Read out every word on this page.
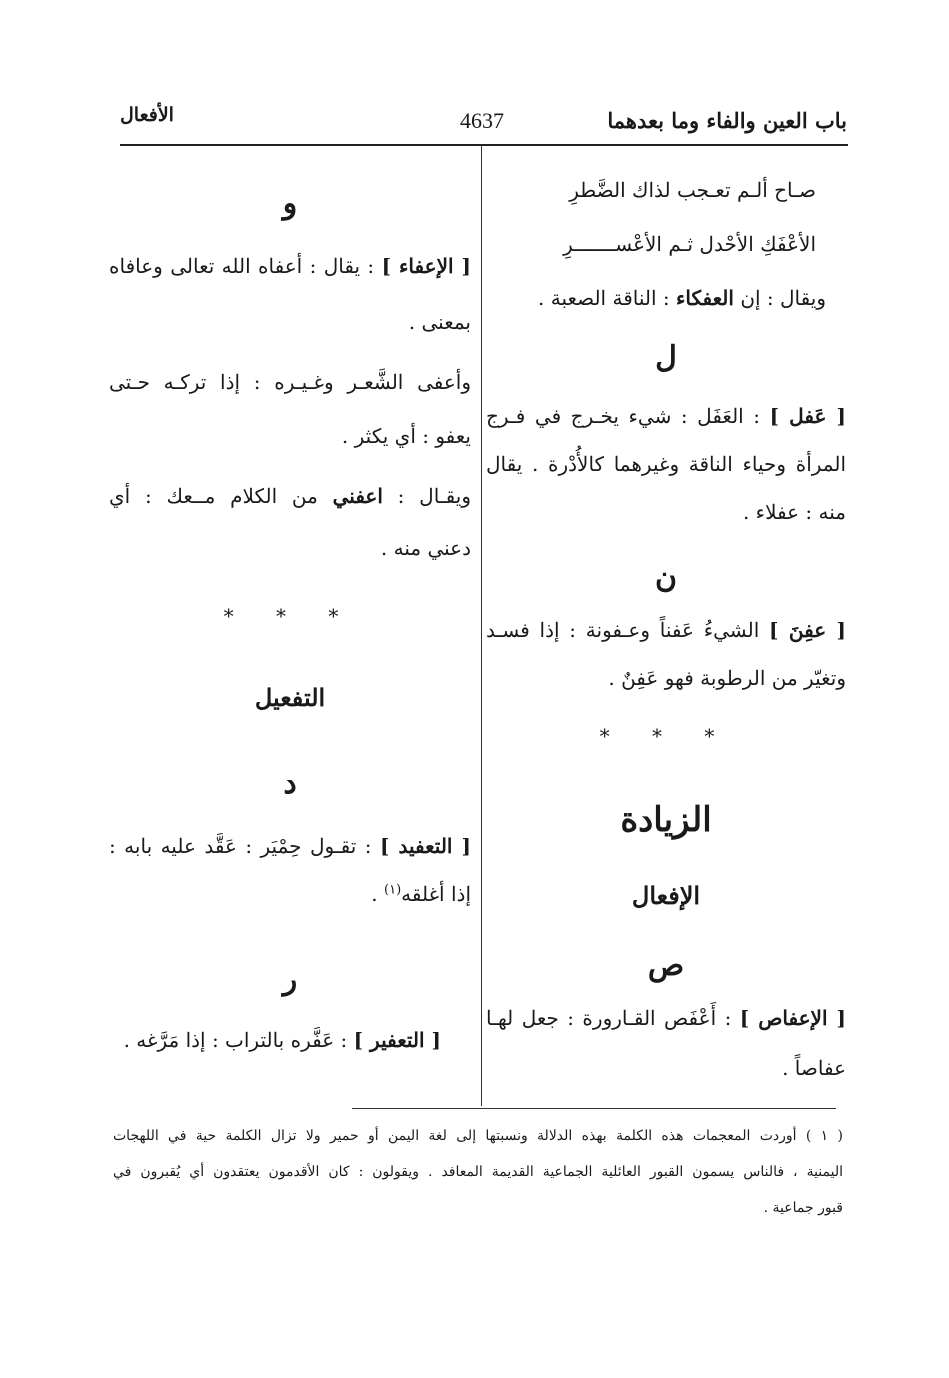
باب العين والفاء وما بعدهما
4637
الأفعال
صـاح ألـم تعـجب لذاك الضَّطرِ
الأعْفَكِ الأحْدل ثـم الأعْســـــــرِ
ويقال : إن العفكاء : الناقة الصعبة .
ل
[ عَفل ] : العَفَل : شيء يخـرج في فـرج
المرأة وحياء الناقة وغيرهما كالأُدْرة . يقال
منه : عفلاء .
ن
[ عفِنَ ] الشيءُ عَفناً وعـفونة : إذا فسـد
وتغيّر من الرطوبة فهو عَفِنٌ .
* * *
الزيادة
الإفعال
ص
[ الإعفاص ] : أَعْفَص القـارورة : جعل لهـا
عفاصاً .
و
[ الإعفاء ] : يقال : أعفاه الله تعالى وعافاه
بمعنى .
وأعفى الشَّعـر وغـيـره : إذا تركـه حـتى
يعفو : أي يكثر .
ويقـال : اعفني من الكلام مــعك : أي
دعني منه .
* * *
التفعيل
د
[ التعفيد ] : تقـول حِمْيَر : عَقَّد عليه بابه :
إذا أغلقه$^{(١)}$ .
ر
[ التعفير ] : عَفَّره بالتراب : إذا مَرَّغه .
( ١ ) أوردت المعجمات هذه الكلمة بهذه الدلالة ونسبتها إلى لغة اليمن أو حمير ولا تزال الكلمة حية في اللهجات
اليمنية ، فالناس يسمون القبور العائلية الجماعية القديمة المعافد . ويقولون : كان الأقدمون يعتقدون أي يُقبرون في
قبور جماعية .
